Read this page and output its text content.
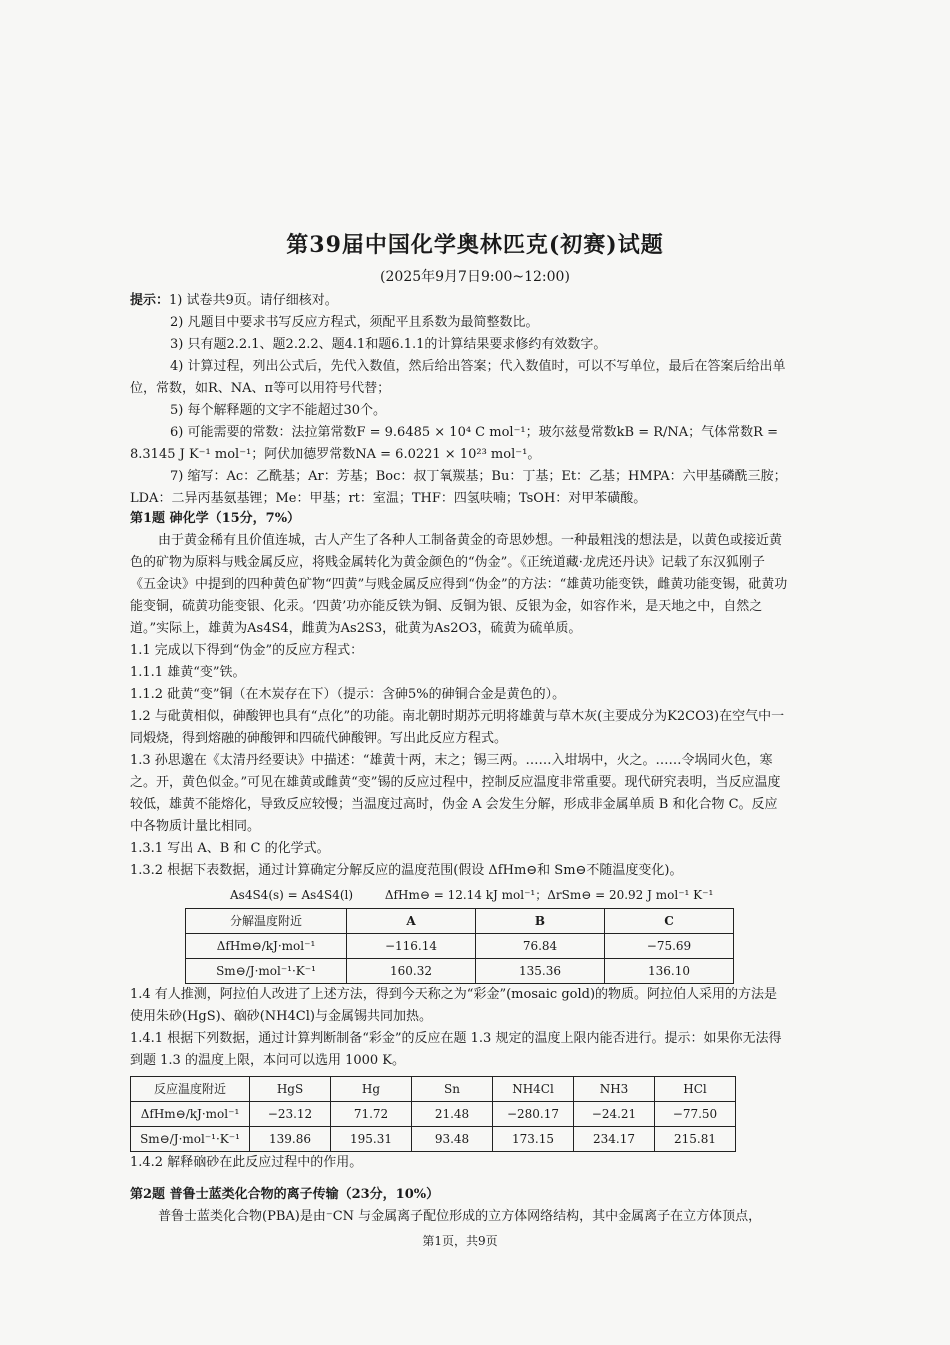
第39届中国化学奥林匹克(初赛)试题
(2025年9月7日9:00~12:00)

提示：1) 试卷共9页。请仔细核对。

2) 凡题目中要求书写反应方程式，须配平且系数为最简整数比。

3) 只有题2.2.1、题2.2.2、题4.1和题6.1.1的计算结果要求修约有效数字。

4) 计算过程，列出公式后，先代入数值，然后给出答案；代入数值时，可以不写单位，最后在答案后给出单位，常数，如R、NA、π等可以用符号代替；

5) 每个解释题的文字不能超过30个。

6) 可能需要的常数：法拉第常数F = 9.6485 × 10⁴ C mol⁻¹；玻尔兹曼常数kB = R/NA；气体常数R = 8.3145 J K⁻¹ mol⁻¹；阿伏加德罗常数NA = 6.0221 × 10²³ mol⁻¹。

7) 缩写：Ac：乙酰基；Ar：芳基；Boc：叔丁氧羰基；Bu：丁基；Et：乙基；HMPA：六甲基磷酰三胺；LDA：二异丙基氨基锂；Me：甲基；rt：室温；THF：四氢呋喃；TsOH：对甲苯磺酸。

第1题 砷化学（15分，7%）

由于黄金稀有且价值连城，古人产生了各种人工制备黄金的奇思妙想。一种最粗浅的想法是，以黄色或接近黄色的矿物为原料与贱金属反应，将贱金属转化为黄金颜色的“伪金”。《正统道藏·龙虎还丹诀》记载了东汉狐刚子《五金诀》中提到的四种黄色矿物“四黄”与贱金属反应得到“伪金”的方法：“雄黄功能变铁，雌黄功能变锡，砒黄功能变铜，硫黄功能变银、化汞。‘四黄’功亦能反铁为铜、反铜为银、反银为金，如容作米，是天地之中，自然之道。”实际上，雄黄为As4S4，雌黄为As2S3，砒黄为As2O3，硫黄为硫单质。

1.1 完成以下得到“伪金”的反应方程式：

1.1.1 雄黄“变”铁。

1.1.2 砒黄“变”铜（在木炭存在下）（提示：含砷5%的砷铜合金是黄色的）。

1.2 与砒黄相似，砷酸钾也具有“点化”的功能。南北朝时期苏元明将雄黄与草木灰(主要成分为K2CO3)在空气中一同煅烧，得到熔融的砷酸钾和四硫代砷酸钾。写出此反应方程式。

1.3 孙思邈在《太清丹经要诀》中描述：“雄黄十两，末之；锡三两。……入坩埚中，火之。……令埚同火色，寒之。开，黄色似金。”可见在雄黄或雌黄“变”锡的反应过程中，控制反应温度非常重要。现代研究表明，当反应温度较低，雄黄不能熔化，导致反应较慢；当温度过高时，伪金 A 会发生分解，形成非金属单质 B 和化合物 C。反应中各物质计量比相同。

1.3.1 写出 A、B 和 C 的化学式。

1.3.2 根据下表数据，通过计算确定分解反应的温度范围(假设 ΔfHm⊖和 Sm⊖不随温度变化)。

As4S4(s) = As4S4(l)	ΔfHm⊖ = 12.14 kJ mol⁻¹；ΔrSm⊖ = 20.92 J mol⁻¹ K⁻¹
分解温度附近	A	B	C
ΔfHm⊖/kJ·mol⁻¹	−116.14	76.84	−75.69
Sm⊖/J·mol⁻¹·K⁻¹	160.32	135.36	136.10

1.4 有人推测，阿拉伯人改进了上述方法，得到今天称之为“彩金”(mosaic gold)的物质。阿拉伯人采用的方法是使用朱砂(HgS)、硇砂(NH4Cl)与金属锡共同加热。

1.4.1 根据下列数据，通过计算判断制备“彩金”的反应在题 1.3 规定的温度上限内能否进行。提示：如果你无法得到题 1.3 的温度上限，本问可以选用 1000 K。

反应温度附近	HgS	Hg	Sn	NH4Cl	NH3	HCl
ΔfHm⊖/kJ·mol⁻¹	−23.12	71.72	21.48	−280.17	−24.21	−77.50
Sm⊖/J·mol⁻¹·K⁻¹	139.86	195.31	93.48	173.15	234.17	215.81

1.4.2 解释硇砂在此反应过程中的作用。

第2题 普鲁士蓝类化合物的离子传输（23分，10%）

普鲁士蓝类化合物(PBA)是由⁻CN 与金属离子配位形成的立方体网络结构，其中金属离子在立方体顶点，

第1页，共9页
